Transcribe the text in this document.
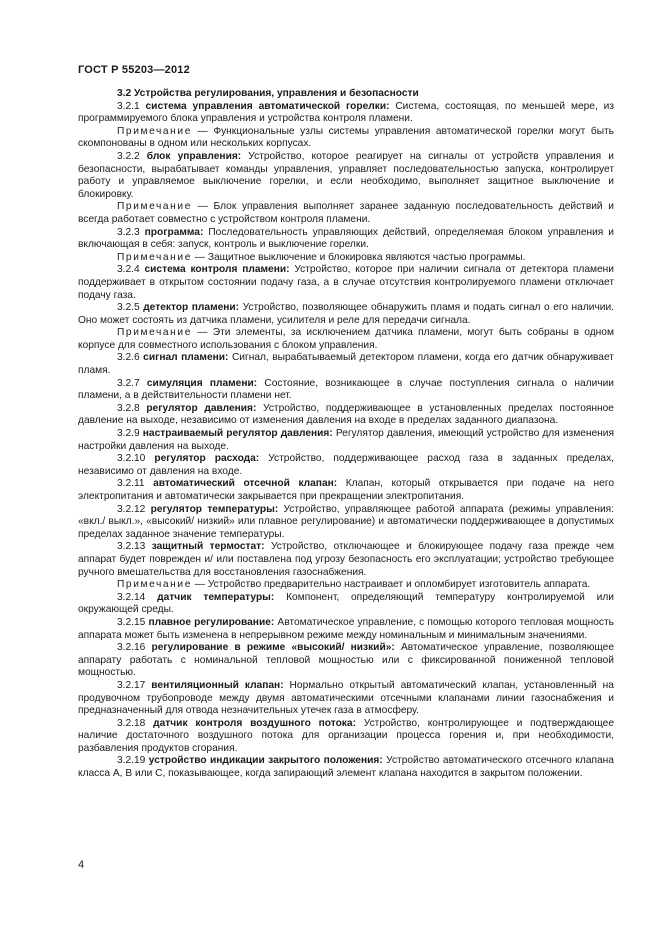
ГОСТ Р 55203—2012

3.2 Устройства регулирования, управления и безопасности

3.2.1 система управления автоматической горелки: Система, состоящая, по меньшей мере, из программируемого блока управления и устройства контроля пламени.

Примечание — Функциональные узлы системы управления автоматической горелки могут быть скомпонованы в одном или нескольких корпусах.

3.2.2 блок управления: Устройство, которое реагирует на сигналы от устройств управления и безопасности, вырабатывает команды управления, управляет последовательностью запуска, контролирует работу и управляемое выключение горелки, и если необходимо, выполняет защитное выключение и блокировку.

Примечание — Блок управления выполняет заранее заданную последовательность действий и всегда работает совместно с устройством контроля пламени.

3.2.3 программа: Последовательность управляющих действий, определяемая блоком управления и включающая в себя: запуск, контроль и выключение горелки.

Примечание — Защитное выключение и блокировка являются частью программы.

3.2.4 система контроля пламени: Устройство, которое при наличии сигнала от детектора пламени поддерживает в открытом состоянии подачу газа, а в случае отсутствия контролируемого пламени отключает подачу газа.

3.2.5 детектор пламени: Устройство, позволяющее обнаружить пламя и подать сигнал о его наличии. Оно может состоять из датчика пламени, усилителя и реле для передачи сигнала.

Примечание — Эти элементы, за исключением датчика пламени, могут быть собраны в одном корпусе для совместного использования с блоком управления.

3.2.6 сигнал пламени: Сигнал, вырабатываемый детектором пламени, когда его датчик обнаруживает пламя.

3.2.7 симуляция пламени: Состояние, возникающее в случае поступления сигнала о наличии пламени, а в действительности пламени нет.

3.2.8 регулятор давления: Устройство, поддерживающее в установленных пределах постоянное давление на выходе, независимо от изменения давления на входе в пределах заданного диапазона.

3.2.9 настраиваемый регулятор давления: Регулятор давления, имеющий устройство для изменения настройки давления на выходе.

3.2.10 регулятор расхода: Устройство, поддерживающее расход газа в заданных пределах, независимо от давления на входе.

3.2.11 автоматический отсечной клапан: Клапан, который открывается при подаче на него электропитания и автоматически закрывается при прекращении электропитания.

3.2.12 регулятор температуры: Устройство, управляющее работой аппарата (режимы управления: «вкл./ выкл.», «высокий/ низкий» или плавное регулирование) и автоматически поддерживающее в допустимых пределах заданное значение температуры.

3.2.13 защитный термостат: Устройство, отключающее и блокирующее подачу газа прежде чем аппарат будет поврежден и/ или поставлена под угрозу безопасность его эксплуатации; устройство требующее ручного вмешательства для восстановления газоснабжения.

Примечание — Устройство предварительно настраивает и опломбирует изготовитель аппарата.

3.2.14 датчик температуры: Компонент, определяющий температуру контролируемой или окружающей среды.

3.2.15 плавное регулирование: Автоматическое управление, с помощью которого тепловая мощность аппарата может быть изменена в непрерывном режиме между номинальным и минимальным значениями.

3.2.16 регулирование в режиме «высокий/ низкий»: Автоматическое управление, позволяющее аппарату работать с номинальной тепловой мощностью или с фиксированной пониженной тепловой мощностью.

3.2.17 вентиляционный клапан: Нормально открытый автоматический клапан, установленный на продувочном трубопроводе между двумя автоматическими отсечными клапанами линии газоснабжения и предназначенный для отвода незначительных утечек газа в атмосферу.

3.2.18 датчик контроля воздушного потока: Устройство, контролирующее и подтверждающее наличие достаточного воздушного потока для организации процесса горения и, при необходимости, разбавления продуктов сгорания.

3.2.19 устройство индикации закрытого положения: Устройство автоматического отсечного клапана класса A, B или C, показывающее, когда запирающий элемент клапана находится в закрытом положении.

4
